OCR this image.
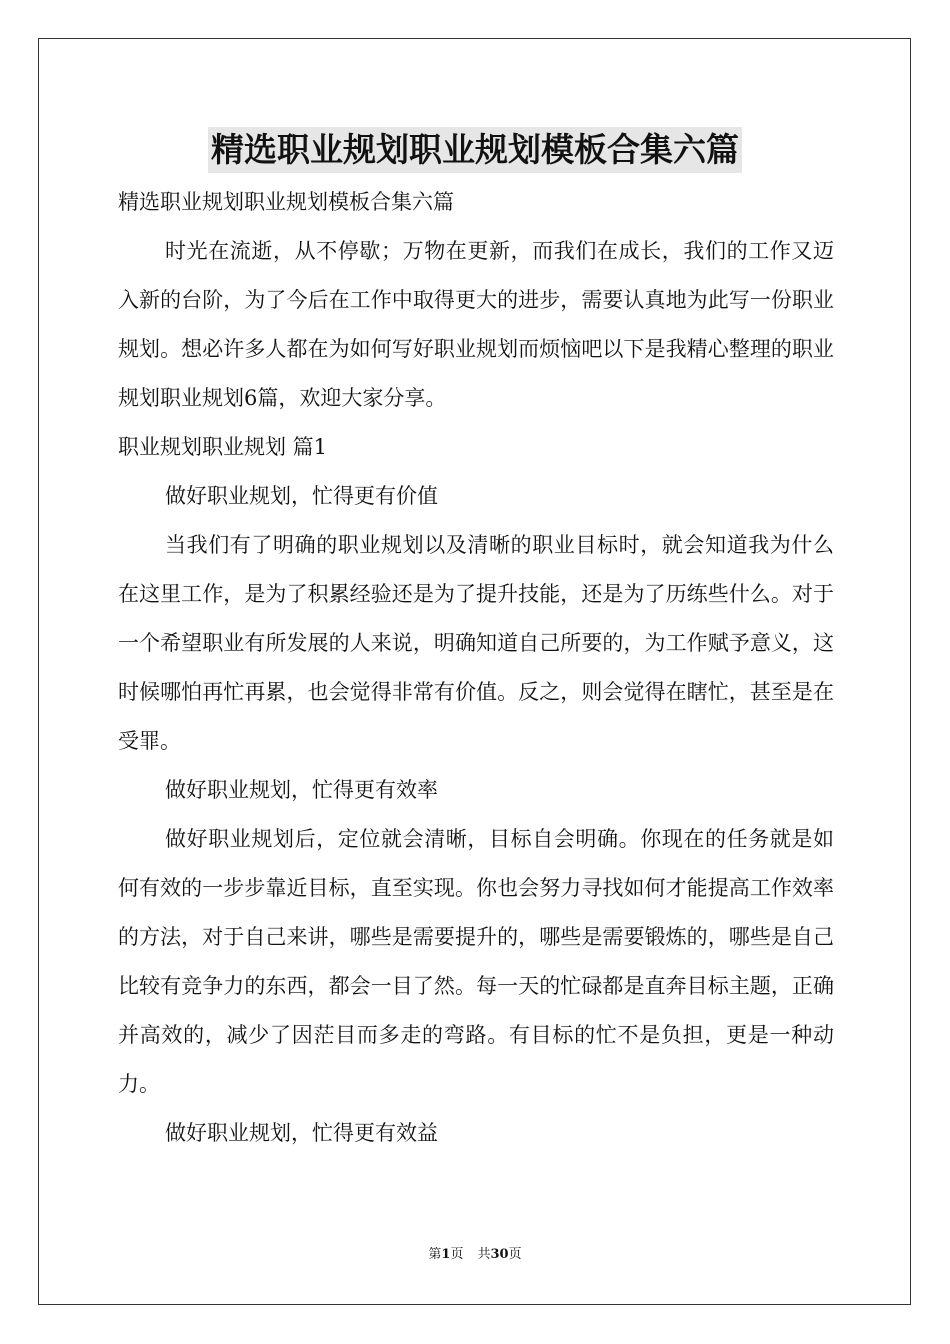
精选职业规划职业规划模板合集六篇

精选职业规划职业规划模板合集六篇

时光在流逝，从不停歇；万物在更新，而我们在成长，我们的工作又迈入新的台阶，为了今后在工作中取得更大的进步，需要认真地为此写一份职业规划。想必许多人都在为如何写好职业规划而烦恼吧以下是我精心整理的职业规划职业规划6篇，欢迎大家分享。

职业规划职业规划 篇1

做好职业规划，忙得更有价值

当我们有了明确的职业规划以及清晰的职业目标时，就会知道我为什么在这里工作，是为了积累经验还是为了提升技能，还是为了历练些什么。对于一个希望职业有所发展的人来说，明确知道自己所要的，为工作赋予意义，这时候哪怕再忙再累，也会觉得非常有价值。反之，则会觉得在瞎忙，甚至是在受罪。

做好职业规划，忙得更有效率

做好职业规划后，定位就会清晰，目标自会明确。你现在的任务就是如何有效的一步步靠近目标，直至实现。你也会努力寻找如何才能提高工作效率的方法，对于自己来讲，哪些是需要提升的，哪些是需要锻炼的，哪些是自己比较有竞争力的东西，都会一目了然。每一天的忙碌都是直奔目标主题，正确并高效的，减少了因茫目而多走的弯路。有目标的忙不是负担，更是一种动力。

做好职业规划，忙得更有效益

第1页 共30页
